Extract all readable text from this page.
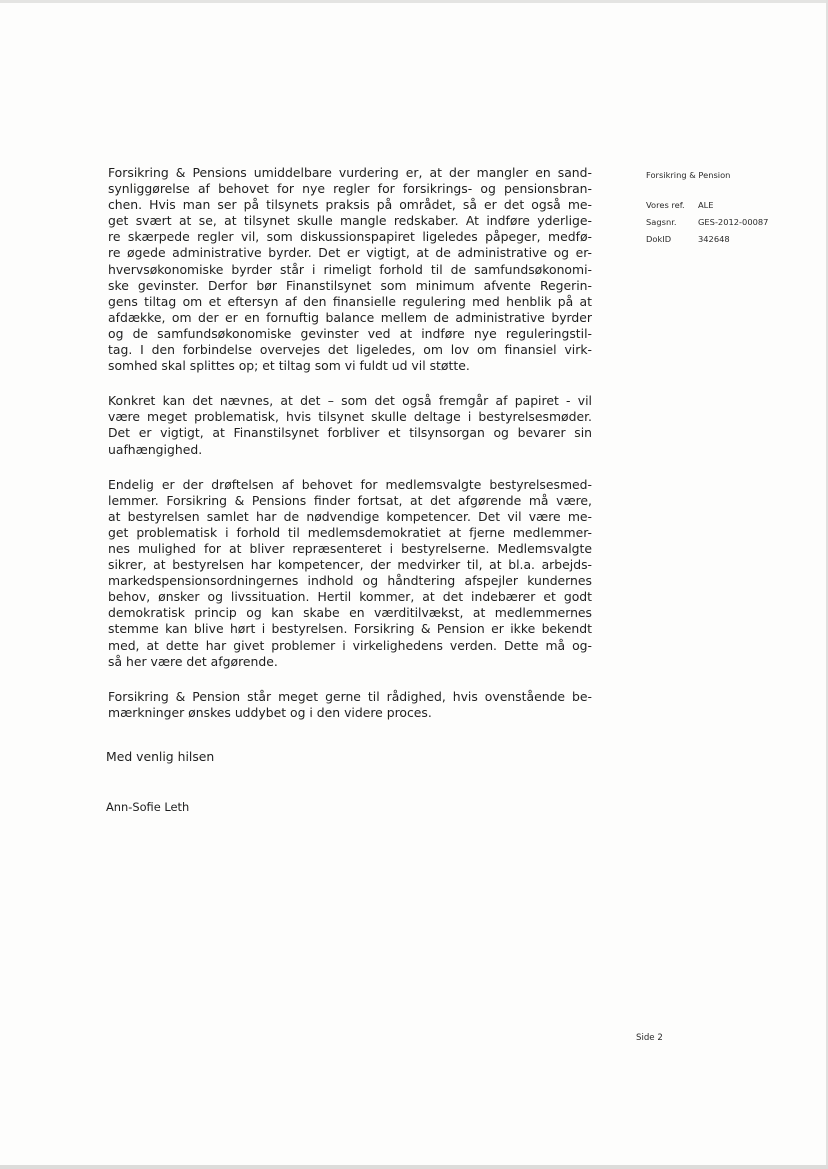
Forsikring & Pensions umiddelbare vurdering er, at der mangler en sand-
synliggørelse af behovet for nye regler for forsikrings- og pensionsbran-
chen. Hvis man ser på tilsynets praksis på området, så er det også me-
get svært at se, at tilsynet skulle mangle redskaber. At indføre yderlige-
re skærpede regler vil, som diskussionspapiret ligeledes påpeger, medfø-
re øgede administrative byrder. Det er vigtigt, at de administrative og er-
hvervsøkonomiske byrder står i rimeligt forhold til de samfundsøkonomi-
ske gevinster. Derfor bør Finanstilsynet som minimum afvente Regerin-
gens tiltag om et eftersyn af den finansielle regulering med henblik på at
afdække, om der er en fornuftig balance mellem de administrative byrder
og de samfundsøkonomiske gevinster ved at indføre nye reguleringstil-
tag. I den forbindelse overvejes det ligeledes, om lov om finansiel virk-
somhed skal splittes op; et tiltag som vi fuldt ud vil støtte.

Konkret kan det nævnes, at det – som det også fremgår af papiret - vil
være meget problematisk, hvis tilsynet skulle deltage i bestyrelsesmøder.
Det er vigtigt, at Finanstilsynet forbliver et tilsynsorgan og bevarer sin
uafhængighed.

Endelig er der drøftelsen af behovet for medlemsvalgte bestyrelsesmed-
lemmer. Forsikring & Pensions finder fortsat, at det afgørende må være,
at bestyrelsen samlet har de nødvendige kompetencer. Det vil være me-
get problematisk i forhold til medlemsdemokratiet at fjerne medlemmer-
nes mulighed for at bliver repræsenteret i bestyrelserne. Medlemsvalgte
sikrer, at bestyrelsen har kompetencer, der medvirker til, at bl.a. arbejds-
markedspensionsordningernes indhold og håndtering afspejler kundernes
behov, ønsker og livssituation. Hertil kommer, at det indebærer et godt
demokratisk princip og kan skabe en værditilvækst, at medlemmernes
stemme kan blive hørt i bestyrelsen. Forsikring & Pension er ikke bekendt
med, at dette har givet problemer i virkelighedens verden. Dette må og-
så her være det afgørende.

Forsikring & Pension står meget gerne til rådighed, hvis ovenstående be-
mærkninger ønskes uddybet og i den videre proces.

Med venlig hilsen
Ann-Sofie Leth
Forsikring & Pension
Vores ref.	ALE
Sagsnr.	GES-2012-00087
DokID	342648
Side 2
